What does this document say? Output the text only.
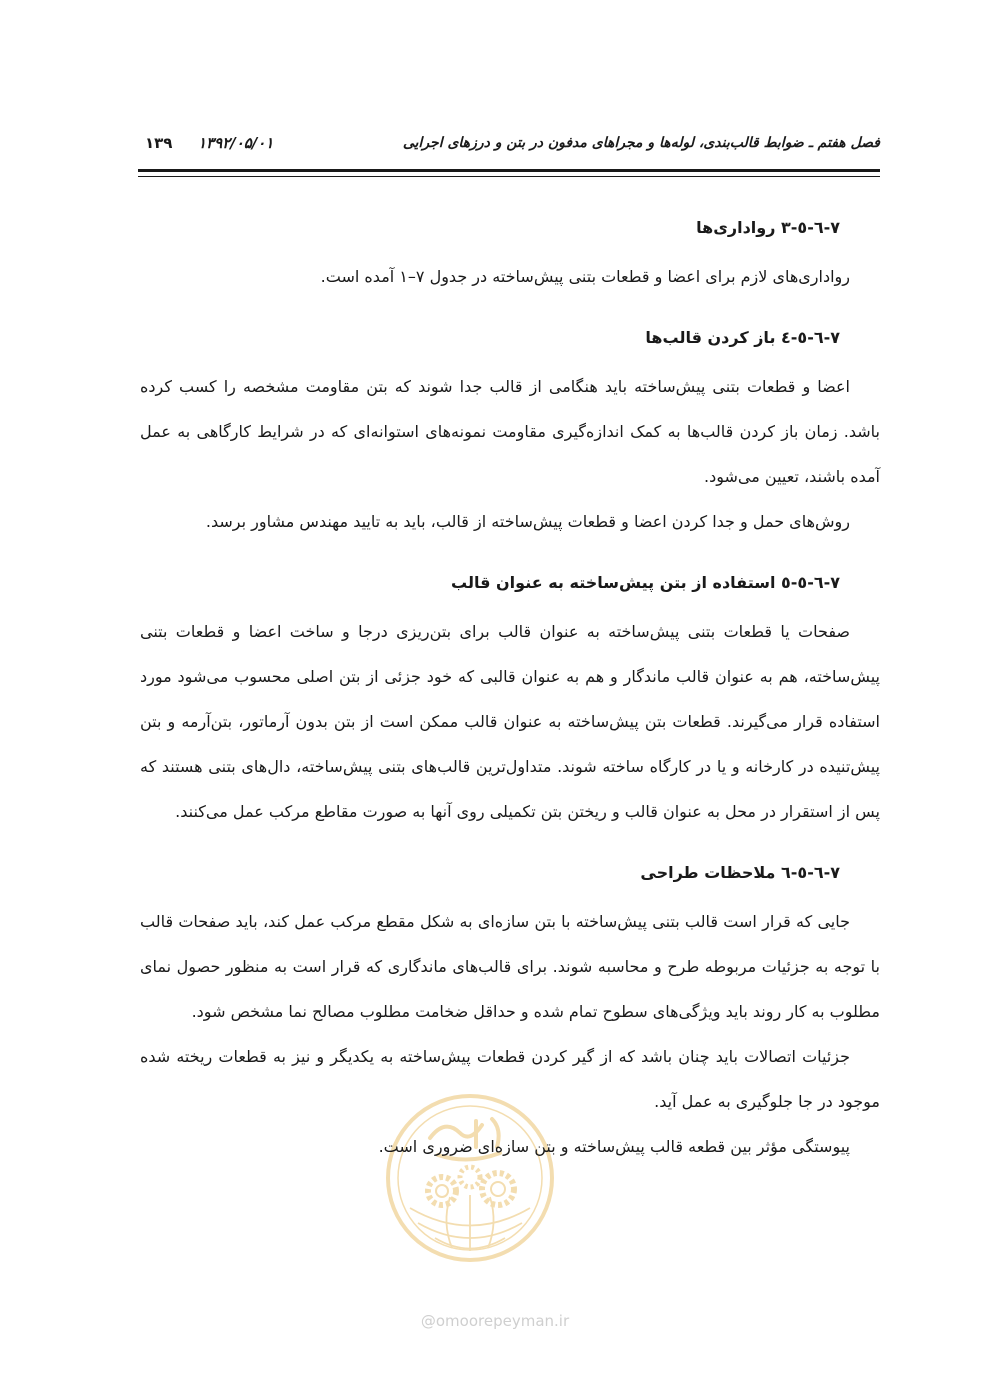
فصل هفتم ـ ضوابط قالب‌بندی، لوله‌ها و مجراهای مدفون در بتن و درزهای اجرایی
۱۳۹۲/۰۵/۰۱
۱۳۹
@omoorepeyman.ir
٧-٦-٥-٣ رواداری‌ها

رواداری‌های لازم برای اعضا و قطعات بتنی پیش‌ساخته در جدول ۷–۱ آمده است.

٧-٦-٥-٤ باز کردن قالب‌ها

اعضا و قطعات بتنی پیش‌ساخته باید هنگامی از قالب جدا شوند که بتن مقاومت مشخصه را کسب کرده باشد. زمان باز کردن قالب‌ها به کمک اندازه‌گیری مقاومت نمونه‌های استوانه‌ای که در شرایط کارگاهی به عمل آمده باشند، تعیین می‌شود.

روش‌های حمل و جدا کردن اعضا و قطعات پیش‌ساخته از قالب، باید به تایید مهندس مشاور برسد.

٧-٦-٥-٥ استفاده از بتن پیش‌ساخته به عنوان قالب

صفحات یا قطعات بتنی پیش‌ساخته به عنوان قالب برای بتن‌ریزی درجا و ساخت اعضا و قطعات بتنی پیش‌ساخته، هم به عنوان قالب ماندگار و هم به عنوان قالبی که خود جزئی از بتن اصلی محسوب می‌شود مورد استفاده قرار می‌گیرند. قطعات بتن پیش‌ساخته به عنوان قالب ممکن است از بتن بدون آرماتور، بتن‌آرمه و بتن پیش‌تنیده در کارخانه و یا در کارگاه ساخته شوند. متداول‌ترین قالب‌های بتنی پیش‌ساخته، دال‌های بتنی هستند که پس از استقرار در محل به عنوان قالب و ریختن بتن تکمیلی روی آنها به صورت مقاطع مرکب عمل می‌کنند.

٧-٦-٥-٦ ملاحظات طراحی

جایی که قرار است قالب بتنی پیش‌ساخته با بتن سازه‌ای به شکل مقطع مرکب عمل کند، باید صفحات قالب با توجه به جزئیات مربوطه طرح و محاسبه شوند. برای قالب‌های ماندگاری که قرار است به منظور حصول نمای مطلوب به کار روند باید ویژگی‌های سطوح تمام شده و حداقل ضخامت مطلوب مصالح نما مشخص شود.

جزئیات اتصالات باید چنان باشد که از گیر کردن قطعات پیش‌ساخته به یکدیگر و نیز به قطعات ریخته شده موجود در جا جلوگیری به عمل آید.

پیوستگی مؤثر بین قطعه قالب پیش‌ساخته و بتن سازه‌ای ضروری است.
